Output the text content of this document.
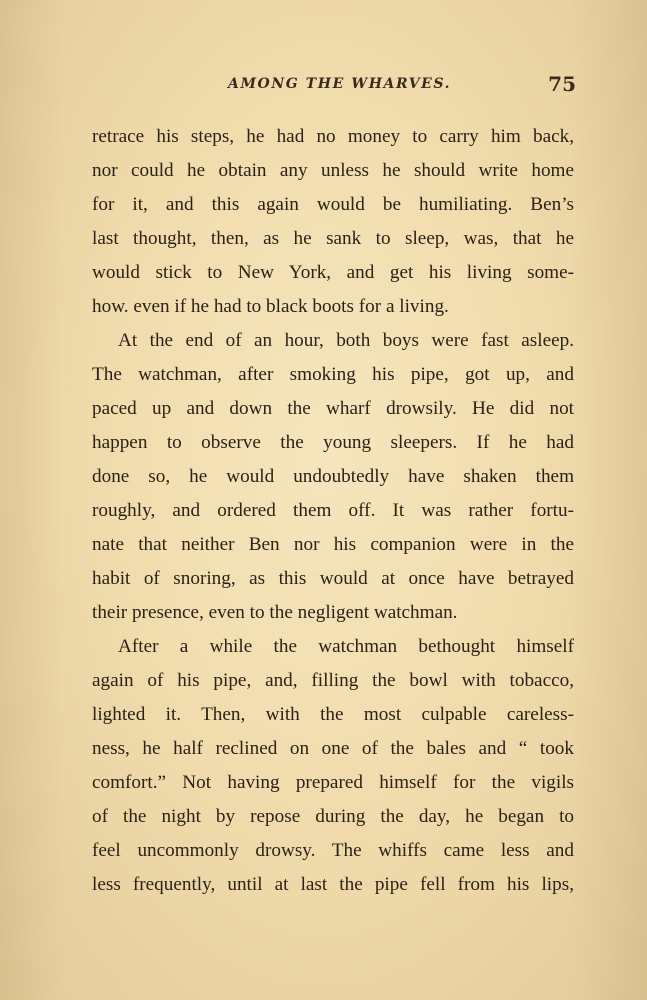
AMONG THE WHARVES.	75
retrace his steps, he had no money to carry him back,
nor could he obtain any unless he should write home
for it, and this again would be humiliating. Ben’s
last thought, then, as he sank to sleep, was, that he
would stick to New York, and get his living some-
how. even if he had to black boots for a living.
At the end of an hour, both boys were fast asleep.
The watchman, after smoking his pipe, got up, and
paced up and down the wharf drowsily. He did not
happen to observe the young sleepers. If he had
done so, he would undoubtedly have shaken them
roughly, and ordered them off. It was rather fortu-
nate that neither Ben nor his companion were in the
habit of snoring, as this would at once have betrayed
their presence, even to the negligent watchman.
After a while the watchman bethought himself
again of his pipe, and, filling the bowl with tobacco,
lighted it. Then, with the most culpable careless-
ness, he half reclined on one of the bales and “ took
comfort.” Not having prepared himself for the vigils
of the night by repose during the day, he began to
feel uncommonly drowsy. The whiffs came less and
less frequently, until at last the pipe fell from his lips,
